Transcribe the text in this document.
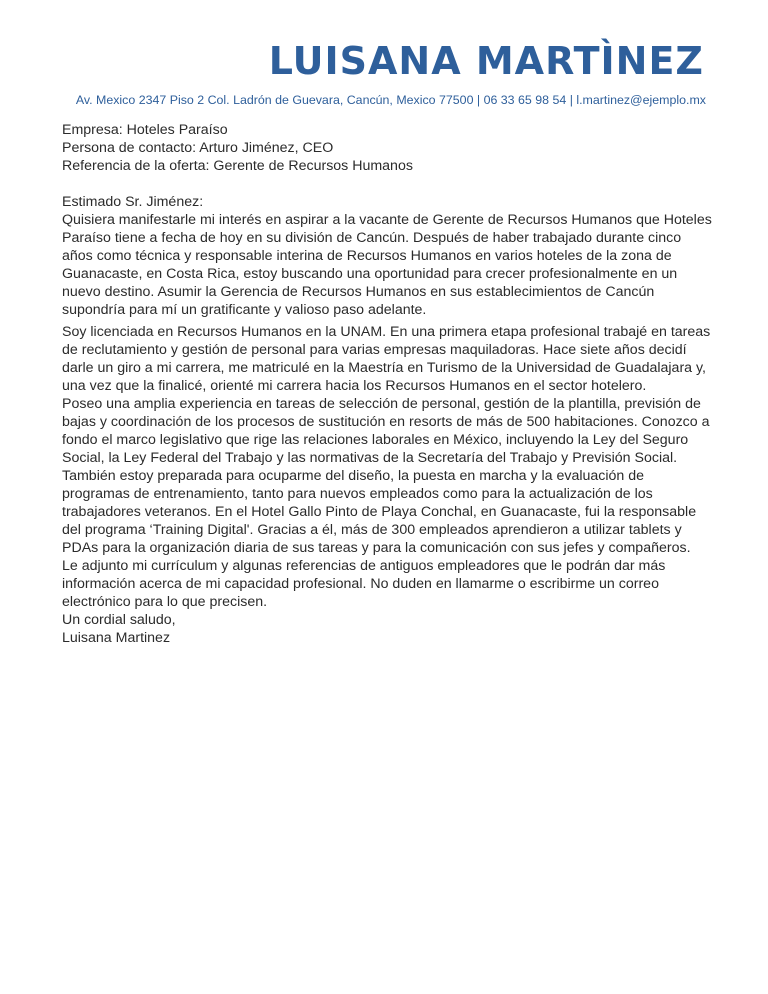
LUISANA MARTÌNEZ
Av. Mexico 2347 Piso 2 Col. Ladrón de Guevara, Cancún, Mexico 77500 | 06 33 65 98 54 | l.martinez@ejemplo.mx

Empresa: Hoteles Paraíso

Persona de contacto: Arturo Jiménez, CEO

Referencia de la oferta: Gerente de Recursos Humanos

Estimado Sr. Jiménez:

Quisiera manifestarle mi interés en aspirar a la vacante de Gerente de Recursos Humanos que Hoteles Paraíso tiene a fecha de hoy en su división de Cancún. Después de haber trabajado durante cinco años como técnica y responsable interina de Recursos Humanos en varios hoteles de la zona de Guanacaste, en Costa Rica, estoy buscando una oportunidad para crecer profesionalmente en un nuevo destino. Asumir la Gerencia de Recursos Humanos en sus establecimientos de Cancún supondría para mí un gratificante y valioso paso adelante.

Soy licenciada en Recursos Humanos en la UNAM. En una primera etapa profesional trabajé en tareas de reclutamiento y gestión de personal para varias empresas maquiladoras. Hace siete años decidí darle un giro a mi carrera, me matriculé en la Maestría en Turismo de la Universidad de Guadalajara y, una vez que la finalicé, orienté mi carrera hacia los Recursos Humanos en el sector hotelero.

Poseo una amplia experiencia en tareas de selección de personal, gestión de la plantilla, previsión de bajas y coordinación de los procesos de sustitución en resorts de más de 500 habitaciones. Conozco a fondo el marco legislativo que rige las relaciones laborales en México, incluyendo la Ley del Seguro Social, la Ley Federal del Trabajo y las normativas de la Secretaría del Trabajo y Previsión Social.

También estoy preparada para ocuparme del diseño, la puesta en marcha y la evaluación de programas de entrenamiento, tanto para nuevos empleados como para la actualización de los trabajadores veteranos. En el Hotel Gallo Pinto de Playa Conchal, en Guanacaste, fui la responsable del programa ‘Training Digital'. Gracias a él, más de 300 empleados aprendieron a utilizar tablets y PDAs para la organización diaria de sus tareas y para la comunicación con sus jefes y compañeros.

Le adjunto mi currículum y algunas referencias de antiguos empleadores que le podrán dar más información acerca de mi capacidad profesional. No duden en llamarme o escribirme un correo electrónico para lo que precisen.

Un cordial saludo,

Luisana Martinez
